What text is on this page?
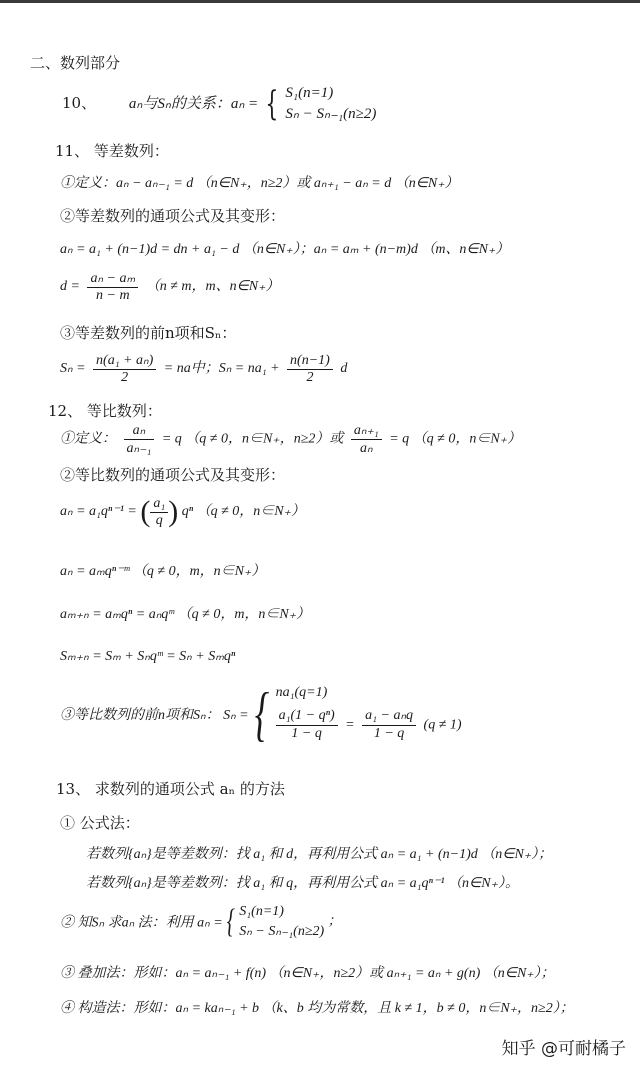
二、数列部分
10、 aₙ与Sₙ的关系：aₙ = { S₁(n=1)
Sₙ − Sₙ₋₁(n≥2)
11、 等差数列：
①定义：aₙ − aₙ₋₁ = d （n∈N₊，n≥2）或 aₙ₊₁ − aₙ = d （n∈N₊）
②等差数列的通项公式及其变形：
aₙ = a₁ + (n−1)d = dn + a₁ − d （n∈N₊）；aₙ = aₘ + (n−m)d （m、n∈N₊）
$d = \frac{\text{aₙ − aₘ}}{n - m} (n \ne m$，m、n∈N₊）
③等差数列的前n项和Sₙ：
$S_n = \frac{\text{n(a₁ + aₙ)}}{2}$ = na中；$S_n = na_1 + \frac{n(n-1)}{2}$ d
12、 等比数列：
①定义： $\frac{\text{aₙ}}{\text{aₙ₋₁}} = q$ （q ≠ 0，n∈N₊，n≥2）或 $\frac{\text{aₙ₊₁}}{\text{aₙ}} = q$ （q ≠ 0，n∈N₊）
②等比数列的通项公式及其变形：
aₙ = a₁qⁿ⁻¹ = ( $\frac{\text{a₁}}{q}$ ) qⁿ （q ≠ 0，n∈N₊）
aₙ = aₘqⁿ⁻ᵐ （q ≠ 0，m，n∈N₊）
aₘ₊ₙ = aₘqⁿ = aₙqᵐ （q ≠ 0，m，n∈N₊）
Sₘ₊ₙ = Sₘ + Sₙqᵐ = Sₙ + Sₘqⁿ
③等比数列的前n项和Sₙ： Sₙ = { na₁(q=1)
$\frac{\text{a₁(1 − qⁿ)}}{1 - q} = \frac{\text{a₁ − aₙq}}{1 - q} (q \ne 1)$
13、 求数列的通项公式 aₙ 的方法
① 公式法：
若数列{aₙ}是等差数列：找 a₁ 和 d，再利用公式 aₙ = a₁ + (n−1)d （n∈N₊）；
若数列{aₙ}是等差数列：找 a₁ 和 q，再利用公式 aₙ = a₁qⁿ⁻¹ （n∈N₊）。
② 知Sₙ 求aₙ 法：利用 aₙ = { S₁(n=1)
Sₙ − Sₙ₋₁(n≥2)
；
③ 叠加法：形如：aₙ = aₙ₋₁ + f(n) （n∈N₊，n≥2）或 aₙ₊₁ = aₙ + g(n) （n∈N₊）；
④ 构造法：形如：aₙ = kaₙ₋₁ + b （k、b 均为常数，且 k ≠ 1，b ≠ 0，n∈N₊，n≥2）；
知乎 @可耐橘子
